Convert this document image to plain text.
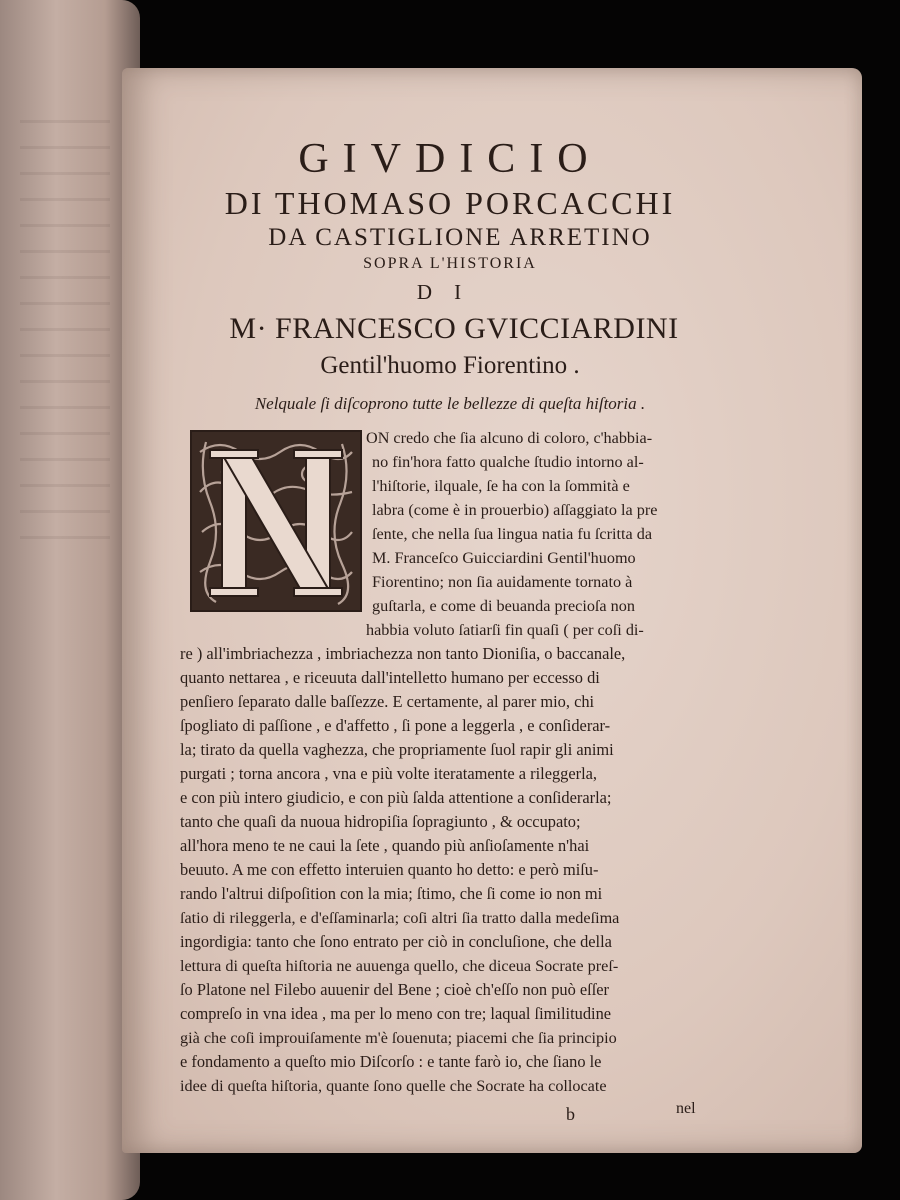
GIVDICIO
DI THOMASO PORCACCHI
DA CASTIGLIONE ARRETINO
SOPRA L'HISTORIA
DI
M· FRANCESCO GVICCIARDINI
Gentil'huomo Fiorentino .
Nelquale ſi diſcoprono tutte le bellezze di queſta hiſtoria .
ON credo che ſia alcuno di coloro, c'habbia-
no fin'hora fatto qualche ſtudio intorno al-
l'hiſtorie, ilquale, ſe ha con la ſommità e
labra (come è in prouerbio) aſſaggiato la pre
ſente, che nella ſua lingua natia fu ſcritta da
M. Franceſco Guicciardini Gentil'huomo
Fiorentino; non ſia auidamente tornato à
guſtarla, e come di beuanda precioſa non
habbia voluto ſatiarſi fin quaſi ( per coſi di-
re ) all'imbriachezza , imbriachezza non tanto Dioniſia, o baccanale,
quanto nettarea , e riceuuta dall'intelletto humano per eccesso di
penſiero ſeparato dalle baſſezze. E certamente, al parer mio, chi
ſpogliato di paſſione , e d'affetto , ſi pone a leggerla , e conſiderar-
la; tirato da quella vaghezza, che propriamente ſuol rapir gli animi
purgati ; torna ancora , vna e più volte iteratamente a rileggerla,
e con più intero giudicio, e con più ſalda attentione a conſiderarla;
tanto che quaſi da nuoua hidropiſia ſopragiunto , & occupato;
all'hora meno te ne caui la ſete , quando più anſioſamente n'hai
beuuto. A me con effetto interuien quanto ho detto: e però miſu-
rando l'altrui diſpoſition con la mia; ſtimo, che ſi come io non mi
ſatio di rileggerla, e d'eſſaminarla; coſi altri ſia tratto dalla medeſima
ingordigia: tanto che ſono entrato per ciò in concluſione, che della
lettura di queſta hiſtoria ne auuenga quello, che diceua Socrate preſ-
ſo Platone nel Filebo auuenir del Bene ; cioè ch'eſſo non può eſſer
compreſo in vna idea , ma per lo meno con tre; laqual ſimilitudine
già che coſi improuiſamente m'è ſouenuta; piacemi che ſia principio
e fondamento a queſto mio Diſcorſo : e tante farò io, che ſiano le
idee di queſta hiſtoria, quante ſono quelle che Socrate ha collocate
b	nel
